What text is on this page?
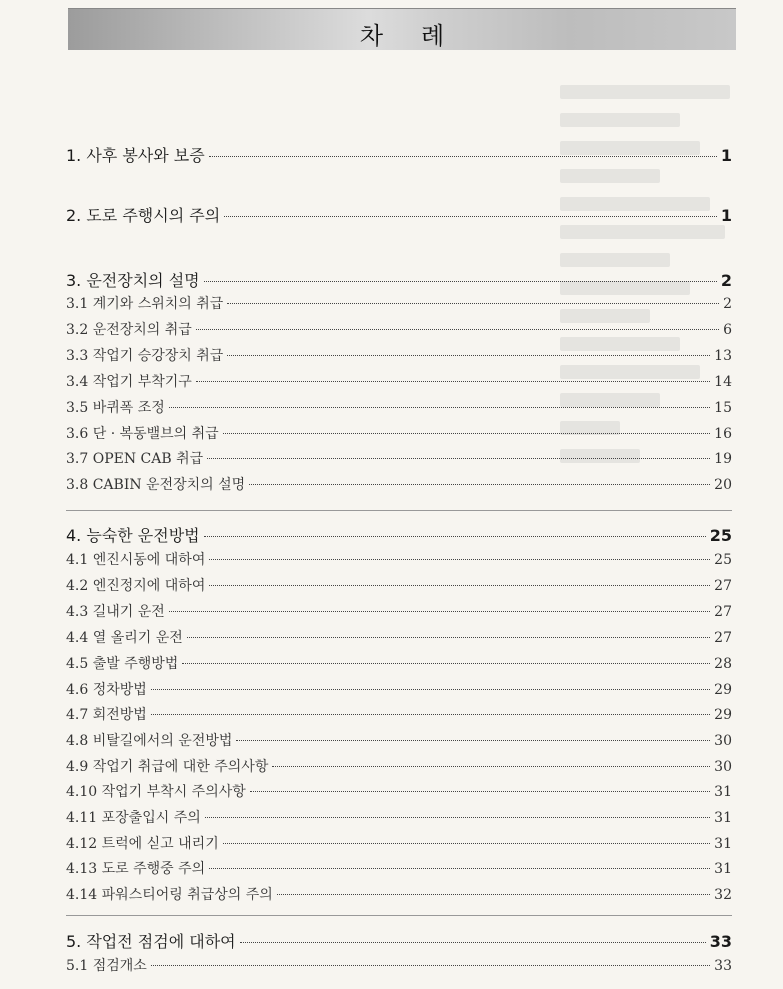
차례
1. 사후 봉사와 보증	1
2. 도로 주행시의 주의	1
3. 운전장치의 설명	2
3.1 계기와 스위치의 취급	2
3.2 운전장치의 취급	6
3.3 작업기 승강장치 취급	13
3.4 작업기 부착기구	14
3.5 바퀴폭 조정	15
3.6 단 · 복동밸브의 취급	16
3.7 OPEN CAB 취급	19
3.8 CABIN 운전장치의 설명	20
4. 능숙한 운전방법	25
4.1 엔진시동에 대하여	25
4.2 엔진정지에 대하여	27
4.3 길내기 운전	27
4.4 열 올리기 운전	27
4.5 출발 주행방법	28
4.6 정차방법	29
4.7 회전방법	29
4.8 비탈길에서의 운전방법	30
4.9 작업기 취급에 대한 주의사항	30
4.10 작업기 부착시 주의사항	31
4.11 포장출입시 주의	31
4.12 트럭에 싣고 내리기	31
4.13 도로 주행중 주의	31
4.14 파워스티어링 취급상의 주의	32
5. 작업전 점검에 대하여	33
5.1 점검개소	33
